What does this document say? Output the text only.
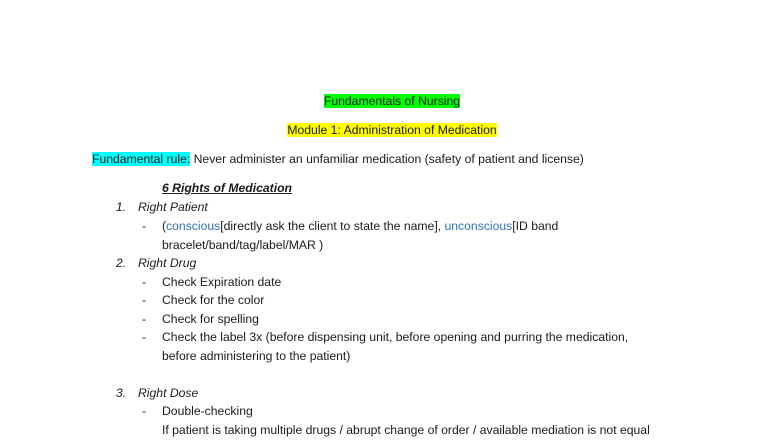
Fundamentals of Nursing
Module 1: Administration of Medication
Fundamental rule: Never administer an unfamiliar medication (safety of patient and license)
6 Rights of Medication
1. Right Patient
- (conscious[directly ask the client to state the name], unconscious[ID band
bracelet/band/tag/label/MAR )
2. Right Drug
- Check Expiration date
- Check for the color
- Check for spelling
- Check the label 3x (before dispensing unit, before opening and purring the medication,
before administering to the patient)
3. Right Dose
- Double-checking
If patient is taking multiple drugs / abrupt change of order / available mediation is not equal
